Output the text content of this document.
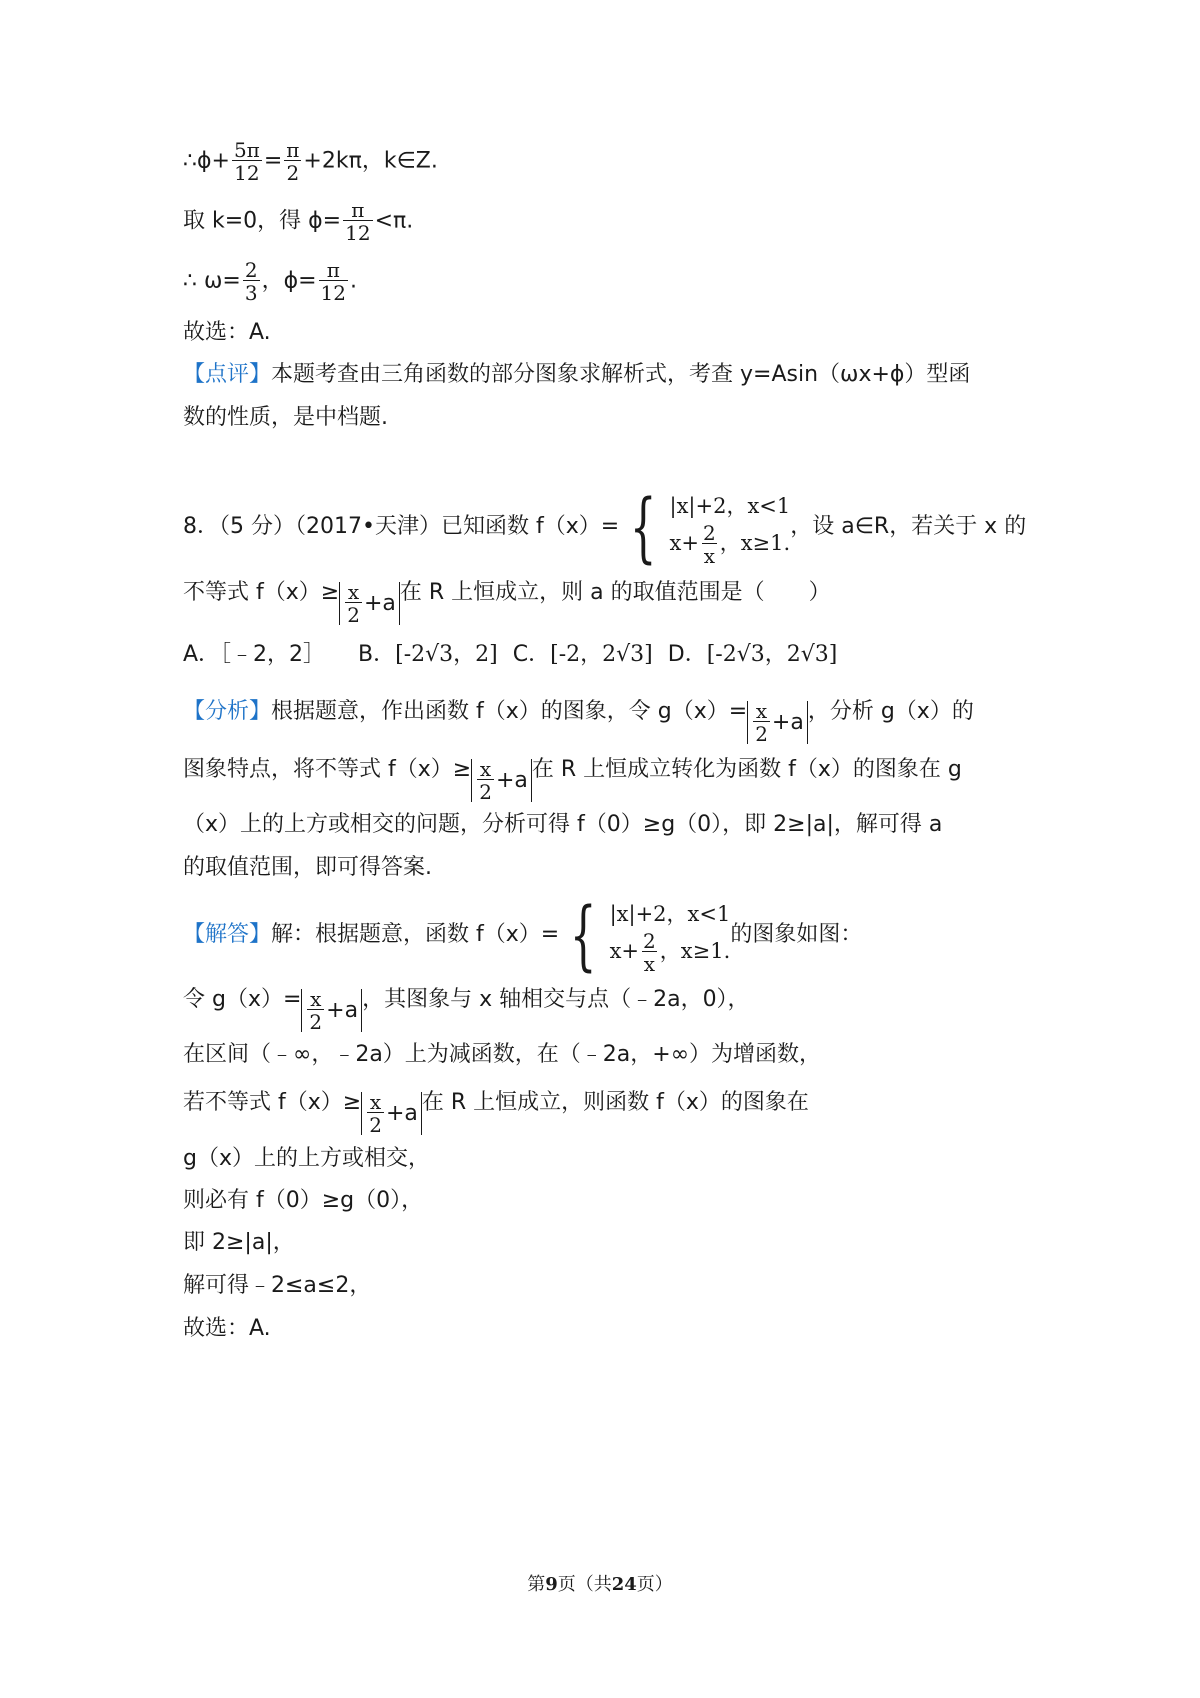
∴ϕ+ $\frac{5\pi}{12} = \frac{\pi}{2} +2k\pi$，k∈Z.
取 k=0，得 $\phi= \frac{\pi}{12} <\pi$.
∴ $\omega= \frac{2}{3}$ ，$\phi= \frac{\pi}{12}$ .
故选：A.
【点评】本题考查由三角函数的部分图象求解析式，考查 y=Asin（ωx+ϕ）型函
数的性质，是中档题.
8．（5 分）（2017•天津）已知函数 f（x）= { |x|+2，x<1
$x+ \frac{2}{x}$ ，x≥1.
，设 a∈R，若关于 x 的
不等式 $f(x)\ge \frac{x}{2} +a$ 在 R 上恒成立，则 a 的取值范围是（　　）
A．［﹣2，2］ B．[-2√3，2] C．[-2，2√3] D．[-2√3，2√3]
【分析】根据题意，作出函数 f（x）的图象，令 $g(x)= \frac{x}{2} +a$ ，分析 g（x）的
图象特点，将不等式 $f(x)\ge \frac{x}{2} +a$ 在 R 上恒成立转化为函数 f（x）的图象在 g
（x）上的上方或相交的问题，分析可得 f（0）≥g（0），即 2≥|a|，解可得 a
的取值范围，即可得答案.
【解答】解：根据题意，函数 f（x）= { |x|+2，x<1
$x+ \frac{2}{x}$ ，x≥1.
的图象如图：
令 $g(x)= \frac{x}{2} +a$ ，其图象与 x 轴相交与点（﹣2a，0），
在区间（﹣∞，﹣2a）上为减函数，在（﹣2a，+∞）为增函数，
若不等式 $f(x)\ge \frac{x}{2} +a$ 在 R 上恒成立，则函数 f（x）的图象在
g（x）上的上方或相交，
则必有 f（0）≥g（0），
即 2≥|a|，
解可得﹣2≤a≤2，
故选：A.
第9页（共24页）
